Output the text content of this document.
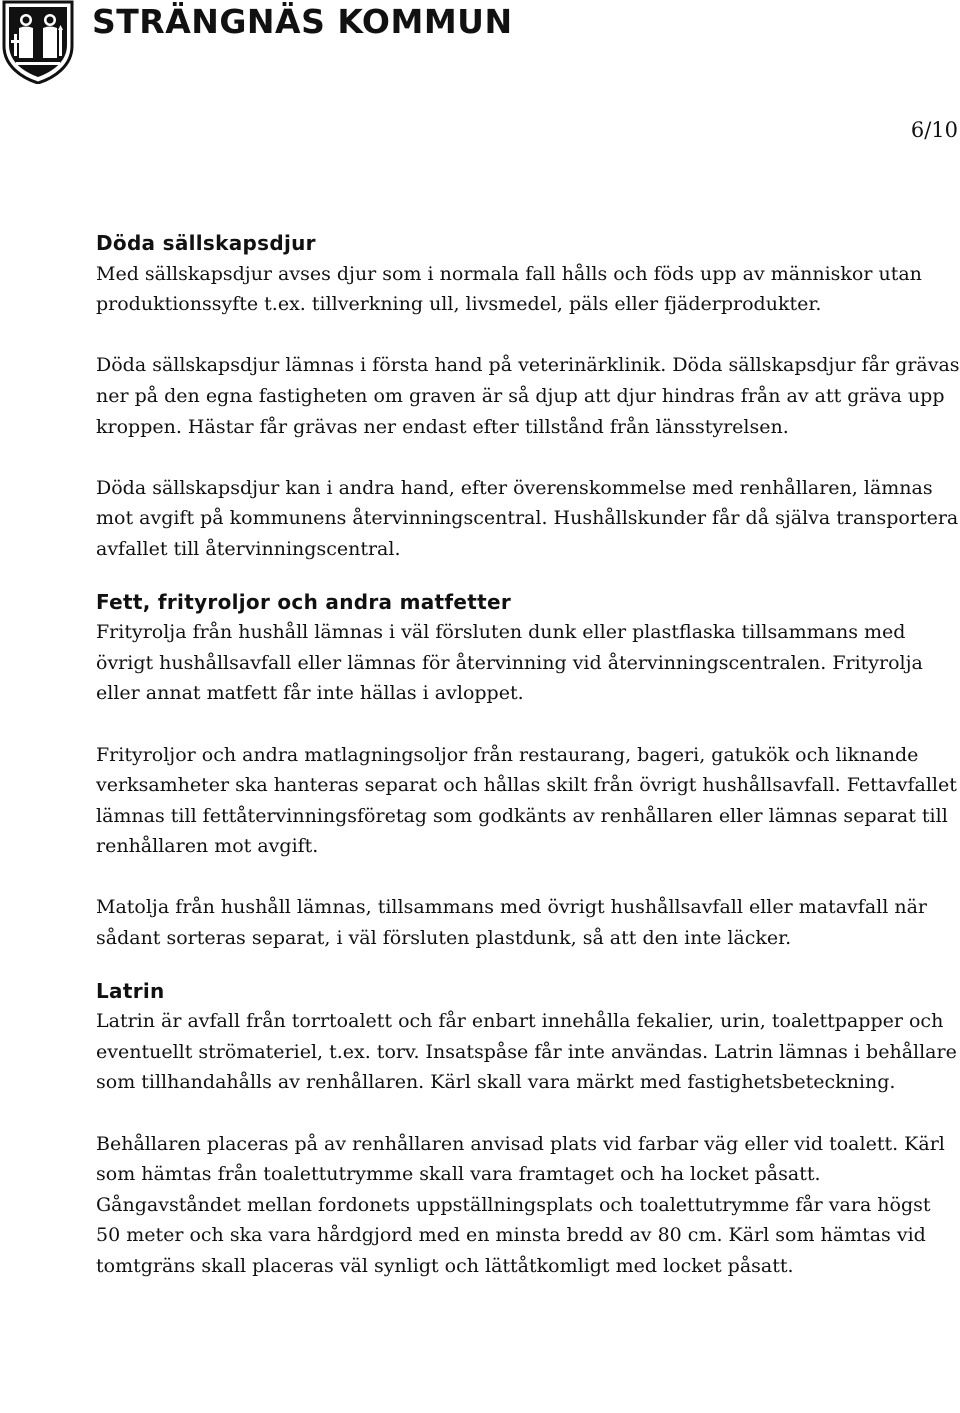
STRÄNGNÄS KOMMUN
6/10
Döda sällskapsdjur

Med sällskapsdjur avses djur som i normala fall hålls och föds upp av människor utan produktionssyfte t.ex. tillverkning ull, livsmedel, päls eller fjäderprodukter.

Döda sällskapsdjur lämnas i första hand på veterinärklinik. Döda sällskapsdjur får grävas ner på den egna fastigheten om graven är så djup att djur hindras från av att gräva upp kroppen. Hästar får grävas ner endast efter tillstånd från länsstyrelsen.

Döda sällskapsdjur kan i andra hand, efter överenskommelse med renhållaren, lämnas mot avgift på kommunens återvinningscentral. Hushållskunder får då själva transportera avfallet till återvinningscentral.

Fett, frityroljor och andra matfetter

Frityrolja från hushåll lämnas i väl försluten dunk eller plastflaska tillsammans med övrigt hushållsavfall eller lämnas för återvinning vid återvinningscentralen. Frityrolja eller annat matfett får inte hällas i avloppet.

Frityroljor och andra matlagningsoljor från restaurang, bageri, gatukök och liknande verksamheter ska hanteras separat och hållas skilt från övrigt hushållsavfall. Fettavfallet lämnas till fettåtervinningsföretag som godkänts av renhållaren eller lämnas separat till renhållaren mot avgift.

Matolja från hushåll lämnas, tillsammans med övrigt hushållsavfall eller matavfall när sådant sorteras separat, i väl försluten plastdunk, så att den inte läcker.

Latrin

Latrin är avfall från torrtoalett och får enbart innehålla fekalier, urin, toalettpapper och eventuellt strömateriel, t.ex. torv. Insatspåse får inte användas. Latrin lämnas i behållare som tillhandahålls av renhållaren. Kärl skall vara märkt med fastighetsbeteckning.

Behållaren placeras på av renhållaren anvisad plats vid farbar väg eller vid toalett. Kärl som hämtas från toalettutrymme skall vara framtaget och ha locket påsatt. Gångavståndet mellan fordonets uppställningsplats och toalettutrymme får vara högst 50 meter och ska vara hårdgjord med en minsta bredd av 80 cm. Kärl som hämtas vid tomtgräns skall placeras väl synligt och lättåtkomligt med locket påsatt.
